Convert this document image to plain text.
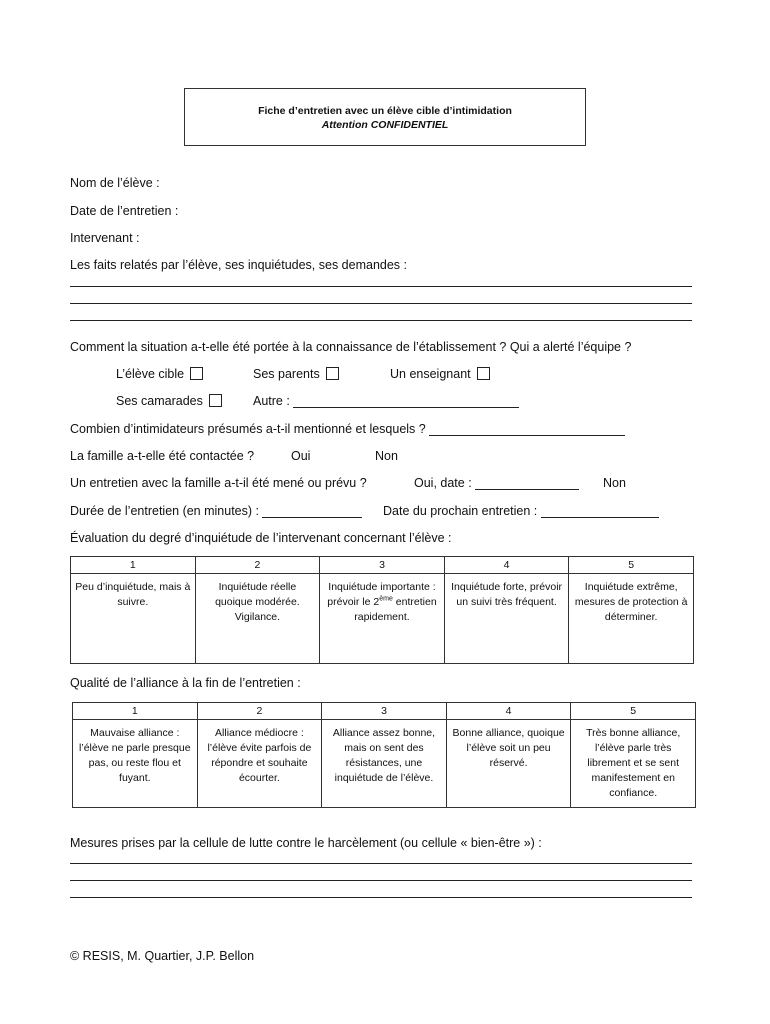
Fiche d’entretien avec un élève cible d’intimidation
Attention CONFIDENTIEL
Nom de l’élève :
Date de l’entretien :
Intervenant :
Les faits relatés par l’élève, ses inquiétudes, ses demandes :
Comment la situation a-t-elle été portée à la connaissance de l’établissement ? Qui a alerté l’équipe ?
L’élève cible	Ses parents	Un enseignant
Ses camarades	Autre :
Combien d’intimidateurs présumés a-t-il mentionné et lesquels ?
La famille a-t-elle été contactée ?	Oui	Non
Un entretien avec la famille a-t-il été mené ou prévu ?	Oui, date :	Non
Durée de l’entretien (en minutes) :	Date du prochain entretien :
Évaluation du degré d’inquiétude de l’intervenant concernant l’élève :
1	2	3	4	5
Peu d’inquiétude, mais à suivre.	Inquiétude réelle quoique modérée. Vigilance.	Inquiétude importante : prévoir le 2ème entretien rapidement.	Inquiétude forte, prévoir un suivi très fréquent.	Inquiétude extrême, mesures de protection à déterminer.
Qualité de l’alliance à la fin de l’entretien :
1	2	3	4	5
Mauvaise alliance : l’élève ne parle presque pas, ou reste flou et fuyant.	Alliance médiocre : l’élève évite parfois de répondre et souhaite écourter.	Alliance assez bonne, mais on sent des résistances, une inquiétude de l’élève.	Bonne alliance, quoique l’élève soit un peu réservé.	Très bonne alliance, l’élève parle très librement et se sent manifestement en confiance.
Mesures prises par la cellule de lutte contre le harcèlement (ou cellule « bien-être ») :
© RESIS, M. Quartier, J.P. Bellon
